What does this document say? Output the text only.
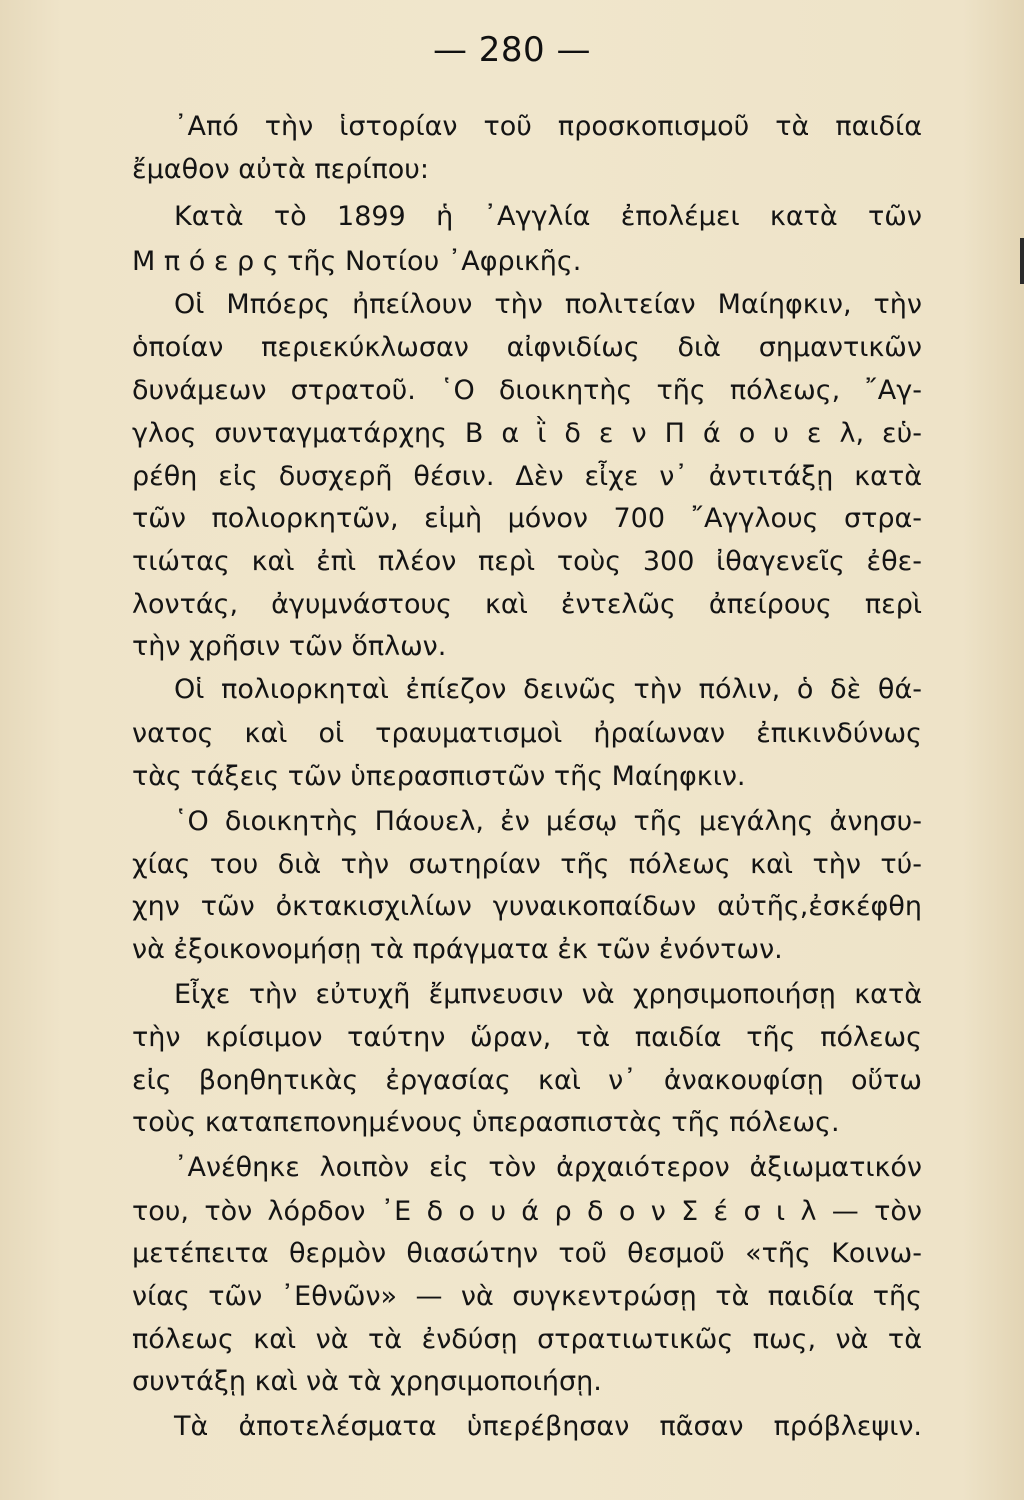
— 280 —
᾿Από τὴν ἱστορίαν τοῦ προσκοπισμοῦ τὰ παιδία
ἔμαθον αὐτὰ περίπου:
Κατὰ τὸ 1899 ἡ ᾿Αγγλία ἐπολέμει κατὰ τῶν
Μ π ό ε ρ ς τῆς Νοτίου ᾿Αφρικῆς.
Οἱ Μπόερς ἠπείλουν τὴν πολιτείαν Μαίηφκιν, τὴν
ὁποίαν περιεκύκλωσαν αἰφνιδίως διὰ σημαντικῶν
δυνάμεων στρατοῦ. ῾Ο διοικητὴς τῆς πόλεως, ῎Αγ-
γλος συνταγματάρχης Β α ῒ δ ε ν Π ά ο υ ε λ, εὑ-
ρέθη εἰς δυσχερῆ θέσιν. Δὲν εἶχε ν᾿ ἀντιτάξῃ κατὰ
τῶν πολιορκητῶν, εἰμὴ μόνον 700 ῎Αγγλους στρα-
τιώτας καὶ ἐπὶ πλέον περὶ τοὺς 300 ἰθαγενεῖς ἐθε-
λοντάς, ἀγυμνάστους καὶ ἐντελῶς ἀπείρους περὶ
τὴν χρῆσιν τῶν ὅπλων.
Οἱ πολιορκηταὶ ἐπίεζον δεινῶς τὴν πόλιν, ὁ δὲ θά-
νατος καὶ οἱ τραυματισμοὶ ἠραίωναν ἐπικινδύνως
τὰς τάξεις τῶν ὑπερασπιστῶν τῆς Μαίηφκιν.
῾Ο διοικητὴς Πάουελ, ἐν μέσῳ τῆς μεγάλης ἀνησυ-
χίας του διὰ τὴν σωτηρίαν τῆς πόλεως καὶ τὴν τύ-
χην τῶν ὀκτακισχιλίων γυναικοπαίδων αὐτῆς,ἐσκέφθη
νὰ ἐξοικονομήσῃ τὰ πράγματα ἐκ τῶν ἐνόντων.
Εἶχε τὴν εὐτυχῆ ἔμπνευσιν νὰ χρησιμοποιήσῃ κατὰ
τὴν κρίσιμον ταύτην ὥραν, τὰ παιδία τῆς πόλεως
εἰς βοηθητικὰς ἐργασίας καὶ ν᾿ ἀνακουφίσῃ οὕτω
τοὺς καταπεπονημένους ὑπερασπιστὰς τῆς πόλεως.
᾿Ανέθηκε λοιπὸν εἰς τὸν ἀρχαιότερον ἀξιωματικόν
του, τὸν λόρδον ᾿Ε δ ο υ ά ρ δ ο ν Σ έ σ ι λ — τὸν
μετέπειτα θερμὸν θιασώτην τοῦ θεσμοῦ «τῆς Κοινω-
νίας τῶν ᾿Εθνῶν» — νὰ συγκεντρώσῃ τὰ παιδία τῆς
πόλεως καὶ νὰ τὰ ἐνδύσῃ στρατιωτικῶς πως, νὰ τὰ
συντάξῃ καὶ νὰ τὰ χρησιμοποιήσῃ.
Τὰ ἀποτελέσματα ὑπερέβησαν πᾶσαν πρόβλεψιν.
